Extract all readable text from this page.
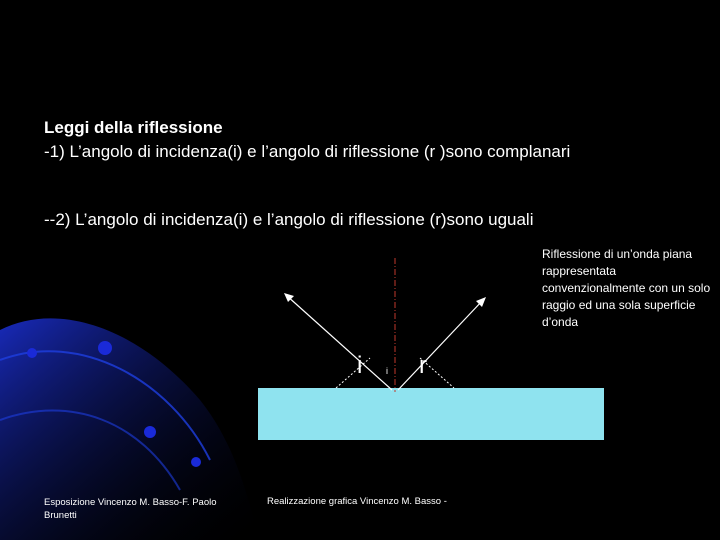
Leggi della riflessione
-1) L’angolo di incidenza(i) e l’angolo di riflessione (r )sono complanari
--2) L’angolo di incidenza(i) e l’angolo di riflessione (r)sono uguali
Riflessione di un’onda piana rappresentata convenzionalmente con un solo raggio ed una sola superficie d’onda
i	i r
Esposizione Vincenzo M. Basso-F. Paolo Brunetti
Realizzazione grafica Vincenzo M. Basso -
